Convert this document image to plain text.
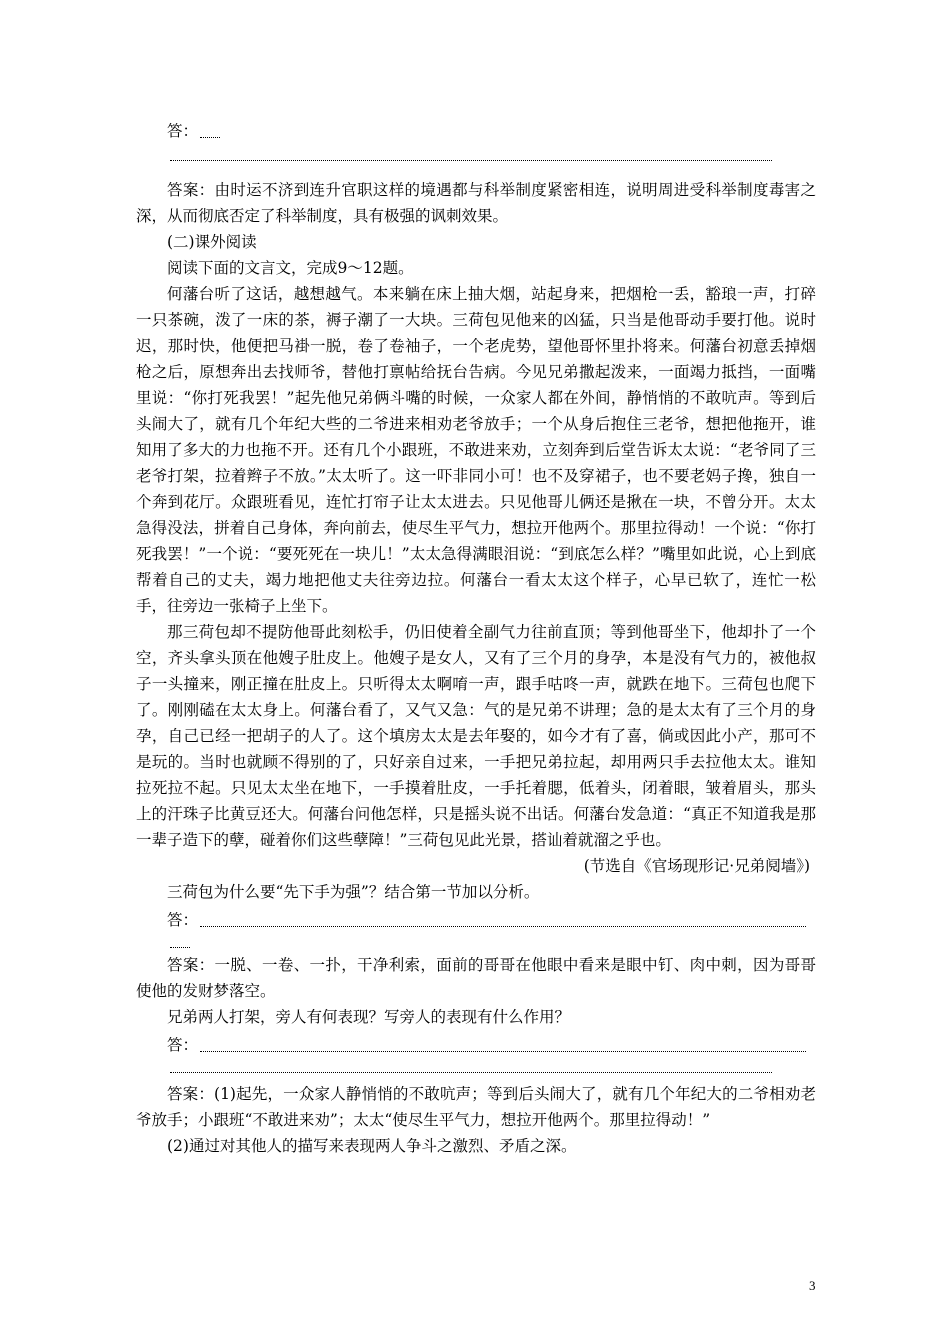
答：

答案：由时运不济到连升官职这样的境遇都与科举制度紧密相连，说明周进受科举制度毒害之深，从而彻底否定了科举制度，具有极强的讽刺效果。

(二)课外阅读

阅读下面的文言文，完成9～12题。

何藩台听了这话，越想越气。本来躺在床上抽大烟，站起身来，把烟枪一丢，豁琅一声，打碎一只茶碗，泼了一床的茶，褥子潮了一大块。三荷包见他来的凶猛，只当是他哥动手要打他。说时迟，那时快，他便把马褂一脱，卷了卷袖子，一个老虎势，望他哥怀里扑将来。何藩台初意丢掉烟枪之后，原想奔出去找师爷，替他打禀帖给抚台告病。今见兄弟撒起泼来，一面竭力抵挡，一面嘴里说：“你打死我罢！”起先他兄弟俩斗嘴的时候，一众家人都在外间，静悄悄的不敢吭声。等到后头闹大了，就有几个年纪大些的二爷进来相劝老爷放手；一个从身后抱住三老爷，想把他拖开，谁知用了多大的力也拖不开。还有几个小跟班，不敢进来劝，立刻奔到后堂告诉太太说：“老爷同了三老爷打架，拉着辫子不放。”太太听了。这一吓非同小可！也不及穿裙子，也不要老妈子搀，独自一个奔到花厅。众跟班看见，连忙打帘子让太太进去。只见他哥儿俩还是揪在一块，不曾分开。太太急得没法，拼着自己身体，奔向前去，使尽生平气力，想拉开他两个。那里拉得动！一个说：“你打死我罢！”一个说：“要死死在一块儿！”太太急得满眼泪说：“到底怎么样？”嘴里如此说，心上到底帮着自己的丈夫，竭力地把他丈夫往旁边拉。何藩台一看太太这个样子，心早已软了，连忙一松手，往旁边一张椅子上坐下。

那三荷包却不提防他哥此刻松手，仍旧使着全副气力往前直顶；等到他哥坐下，他却扑了一个空，齐头拿头顶在他嫂子肚皮上。他嫂子是女人，又有了三个月的身孕，本是没有气力的，被他叔子一头撞来，刚正撞在肚皮上。只听得太太啊唷一声，跟手咕咚一声，就跌在地下。三荷包也爬下了。刚刚磕在太太身上。何藩台看了，又气又急：气的是兄弟不讲理；急的是太太有了三个月的身孕，自己已经一把胡子的人了。这个填房太太是去年娶的，如今才有了喜，倘或因此小产，那可不是玩的。当时也就顾不得别的了，只好亲自过来，一手把兄弟拉起，却用两只手去拉他太太。谁知拉死拉不起。只见太太坐在地下，一手摸着肚皮，一手托着腮，低着头，闭着眼，皱着眉头，那头上的汗珠子比黄豆还大。何藩台问他怎样，只是摇头说不出话。何藩台发急道：“真正不知道我是那一辈子造下的孽，碰着你们这些孽障！”三荷包见此光景，搭讪着就溜之乎也。

(节选自《官场现形记·兄弟阋墙》)

三荷包为什么要“先下手为强”？结合第一节加以分析。

答：

答案：一脱、一卷、一扑，干净利索，面前的哥哥在他眼中看来是眼中钉、肉中刺，因为哥哥使他的发财梦落空。

兄弟两人打架，旁人有何表现？写旁人的表现有什么作用？

答：

答案：(1)起先，一众家人静悄悄的不敢吭声；等到后头闹大了，就有几个年纪大的二爷相劝老爷放手；小跟班“不敢进来劝”；太太“使尽生平气力，想拉开他两个。那里拉得动！”

(2)通过对其他人的描写来表现两人争斗之激烈、矛盾之深。

3
